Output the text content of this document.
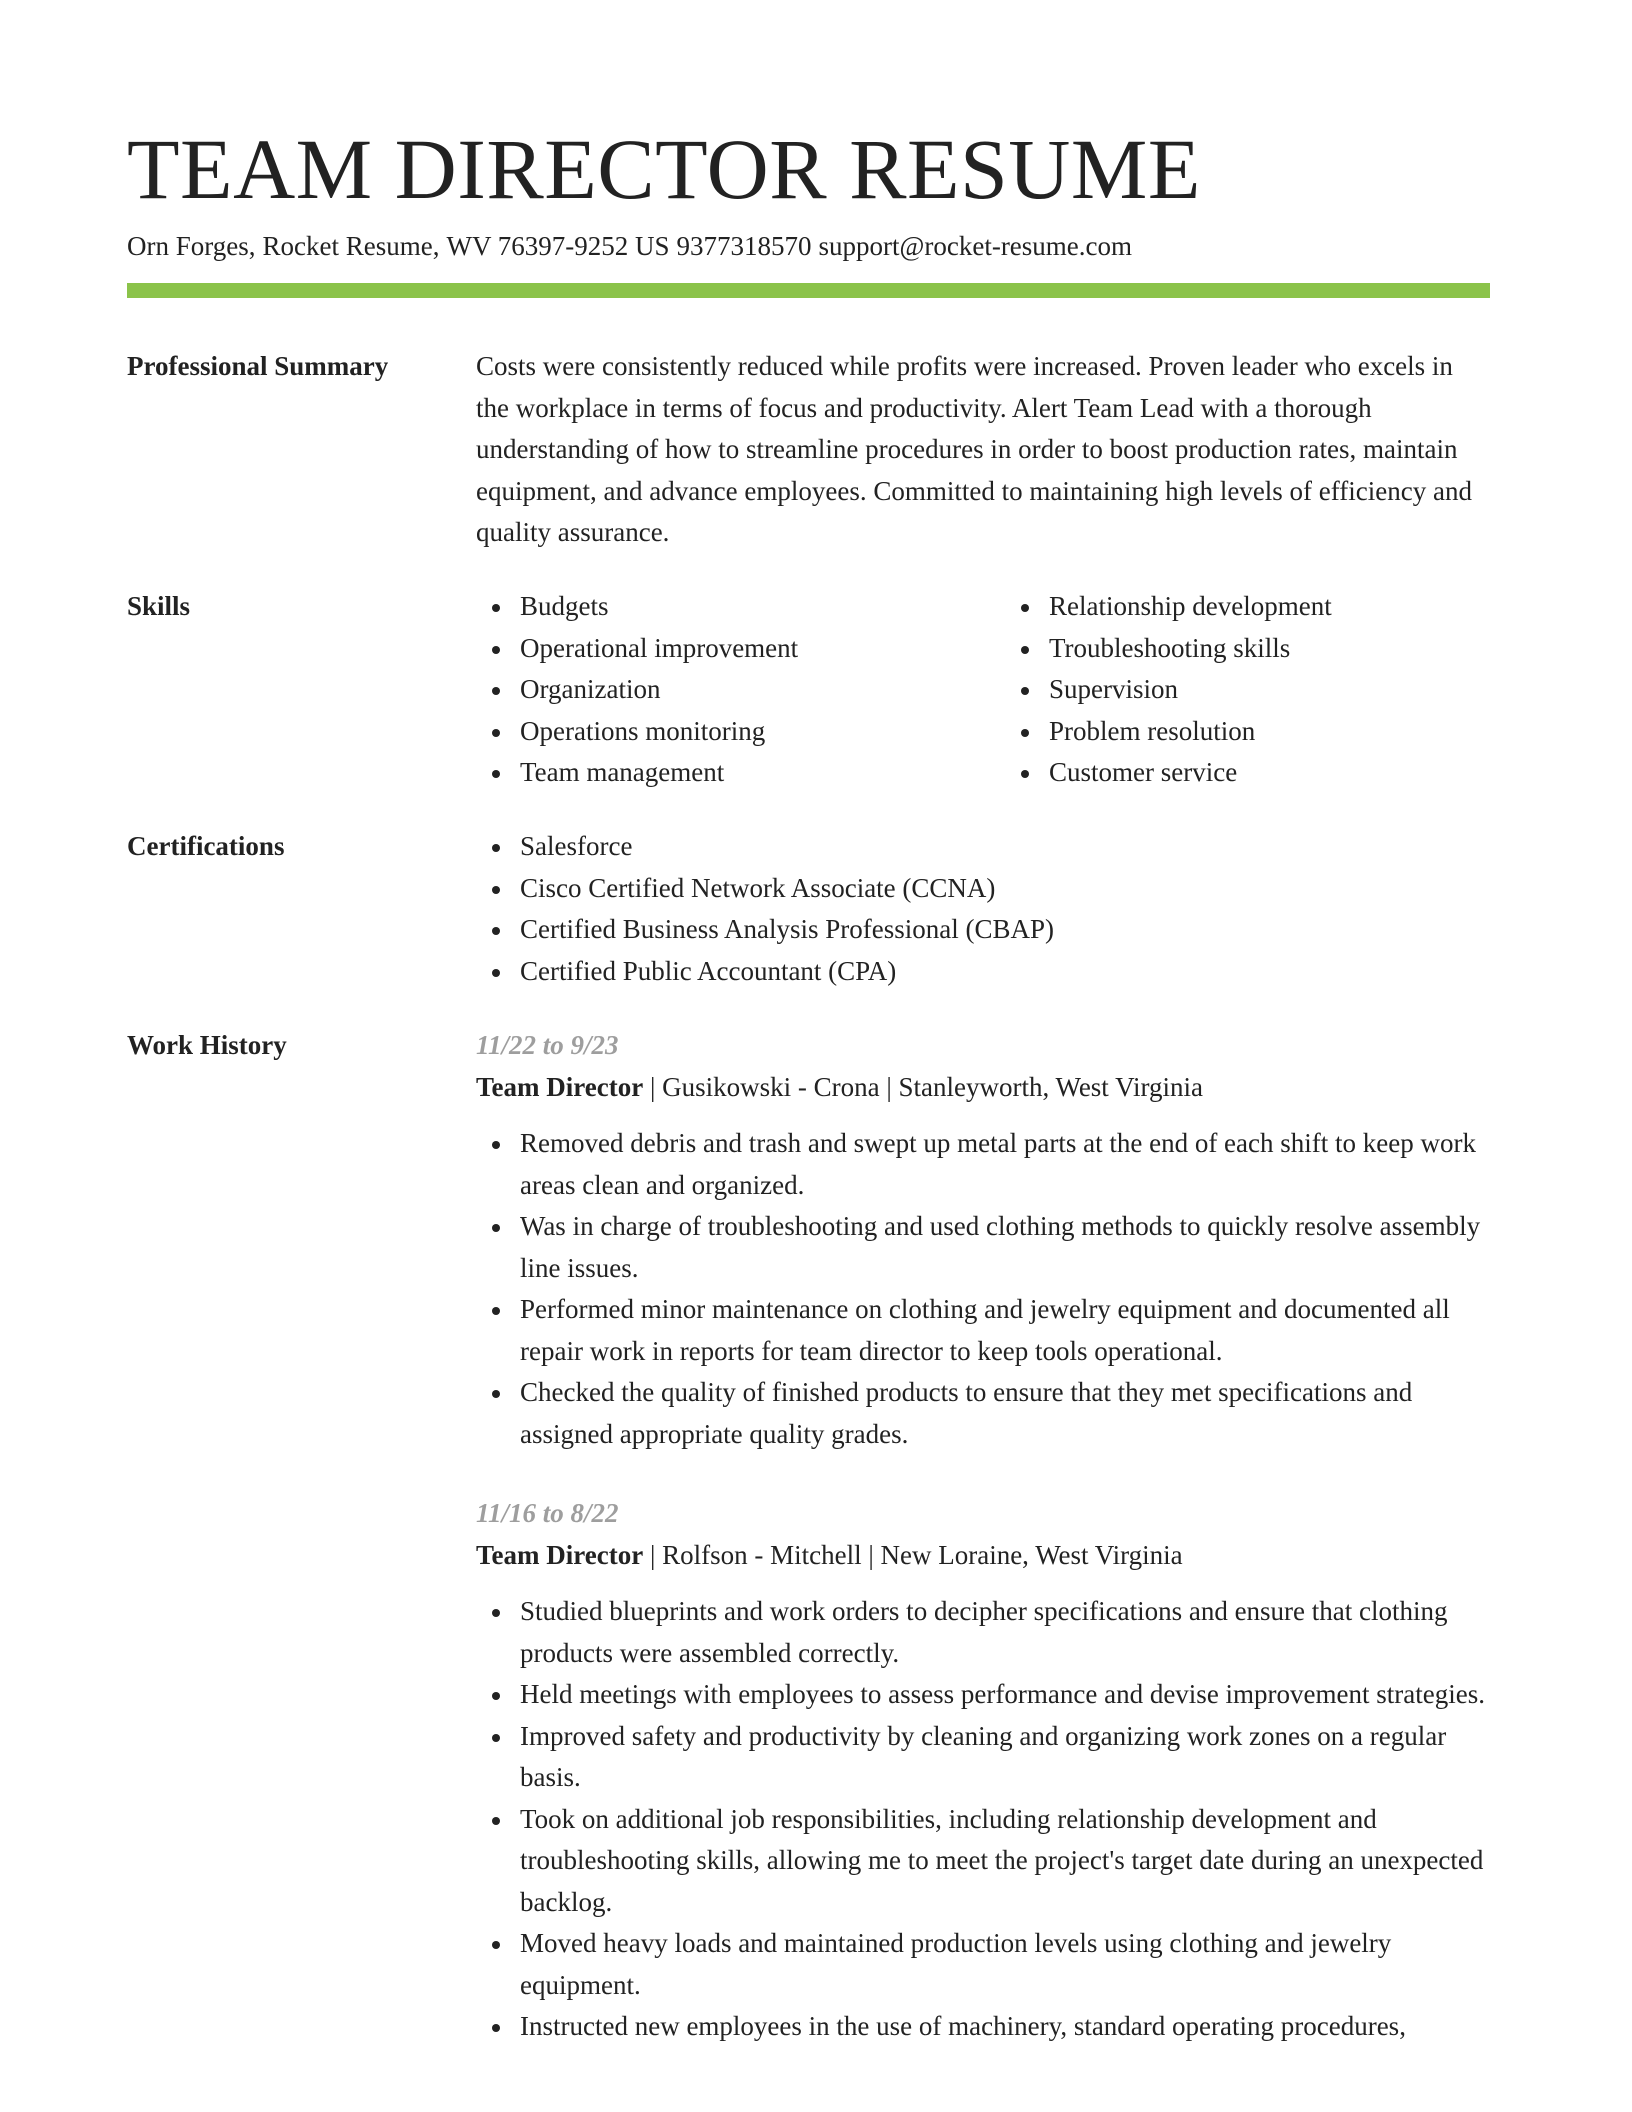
TEAM DIRECTOR RESUME
Orn Forges, Rocket Resume, WV 76397-9252 US 9377318570 support@rocket-resume.com
Professional Summary	Costs were consistently reduced while profits were increased. Proven leader who excels in the workplace in terms of focus and productivity. Alert Team Lead with a thorough understanding of how to streamline procedures in order to boost production rates, maintain equipment, and advance employees. Committed to maintaining high levels of efficiency and quality assurance.

Skills	Budgets
Operational improvement
Organization
Operations monitoring
Team management
Relationship development
Troubleshooting skills
Supervision
Problem resolution
Customer service
Certifications	Salesforce
Cisco Certified Network Associate (CCNA)
Certified Business Analysis Professional (CBAP)
Certified Public Accountant (CPA)
Work History	11/22 to 9/23
Team Director | Gusikowski - Crona | Stanleyworth, West Virginia
Removed debris and trash and swept up metal parts at the end of each shift to keep work areas clean and organized.
Was in charge of troubleshooting and used clothing methods to quickly resolve assembly line issues.
Performed minor maintenance on clothing and jewelry equipment and documented all repair work in reports for team director to keep tools operational.
Checked the quality of finished products to ensure that they met specifications and assigned appropriate quality grades.
11/16 to 8/22
Team Director | Rolfson - Mitchell | New Loraine, West Virginia
Studied blueprints and work orders to decipher specifications and ensure that clothing products were assembled correctly.
Held meetings with employees to assess performance and devise improvement strategies.
Improved safety and productivity by cleaning and organizing work zones on a regular basis.
Took on additional job responsibilities, including relationship development and troubleshooting skills, allowing me to meet the project's target date during an unexpected backlog.
Moved heavy loads and maintained production levels using clothing and jewelry equipment.
Instructed new employees in the use of machinery, standard operating procedures,
